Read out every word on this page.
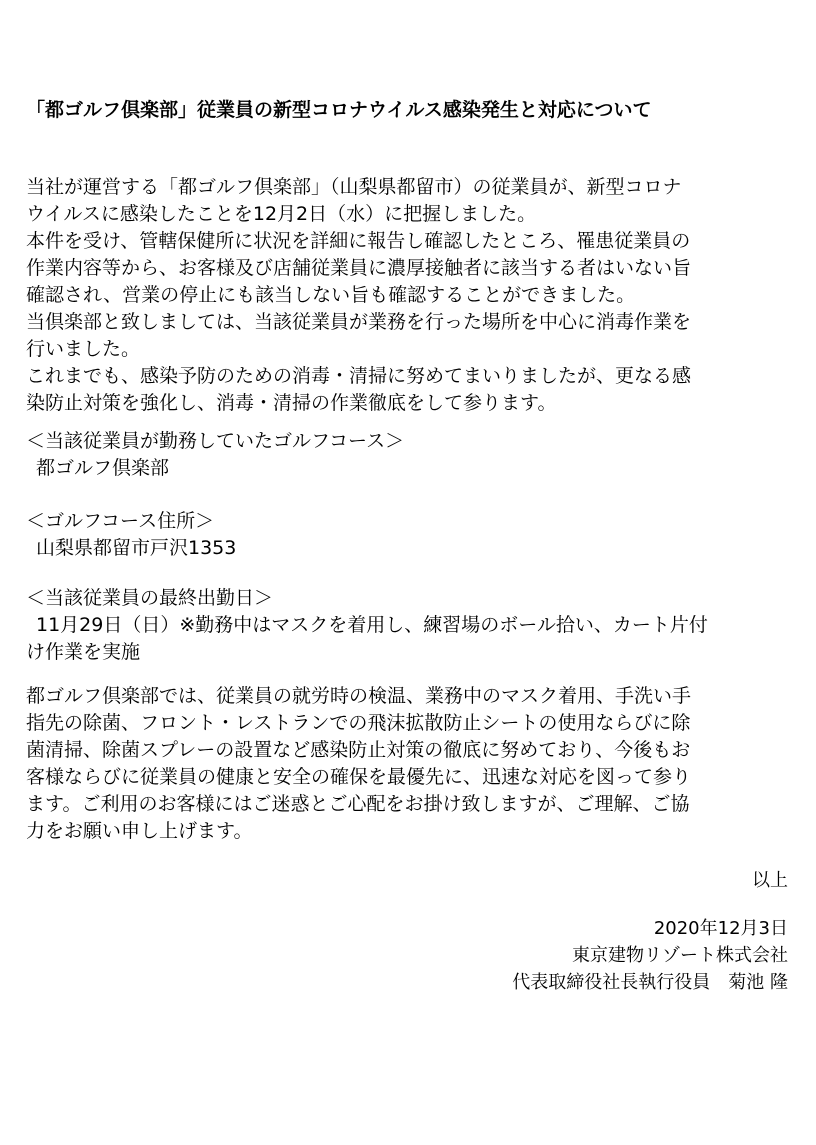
「都ゴルフ倶楽部」従業員の新型コロナウイルス感染発生と対応について
当社が運営する「都ゴルフ倶楽部」（山梨県都留市）の従業員が、新型コロナ
ウイルスに感染したことを12月2日（水）に把握しました。
本件を受け、管轄保健所に状況を詳細に報告し確認したところ、罹患従業員の
作業内容等から、お客様及び店舗従業員に濃厚接触者に該当する者はいない旨
確認され、営業の停止にも該当しない旨も確認することができました。
当倶楽部と致しましては、当該従業員が業務を行った場所を中心に消毒作業を
行いました。
これまでも、感染予防のための消毒・清掃に努めてまいりましたが、更なる感
染防止対策を強化し、消毒・清掃の作業徹底をして参ります。
＜当該従業員が勤務していたゴルフコース＞
都ゴルフ倶楽部
＜ゴルフコース住所＞
山梨県都留市戸沢1353
＜当該従業員の最終出勤日＞
11月29日（日）※勤務中はマスクを着用し、練習場のボール拾い、カート片付
け作業を実施
都ゴルフ倶楽部では、従業員の就労時の検温、業務中のマスク着用、手洗い手
指先の除菌、フロント・レストランでの飛沫拡散防止シートの使用ならびに除
菌清掃、除菌スプレーの設置など感染防止対策の徹底に努めており、今後もお
客様ならびに従業員の健康と安全の確保を最優先に、迅速な対応を図って参り
ます。ご利用のお客様にはご迷惑とご心配をお掛け致しますが、ご理解、ご協
力をお願い申し上げます。
以上
2020年12月3日
東京建物リゾート株式会社
代表取締役社長執行役員　菊池 隆
